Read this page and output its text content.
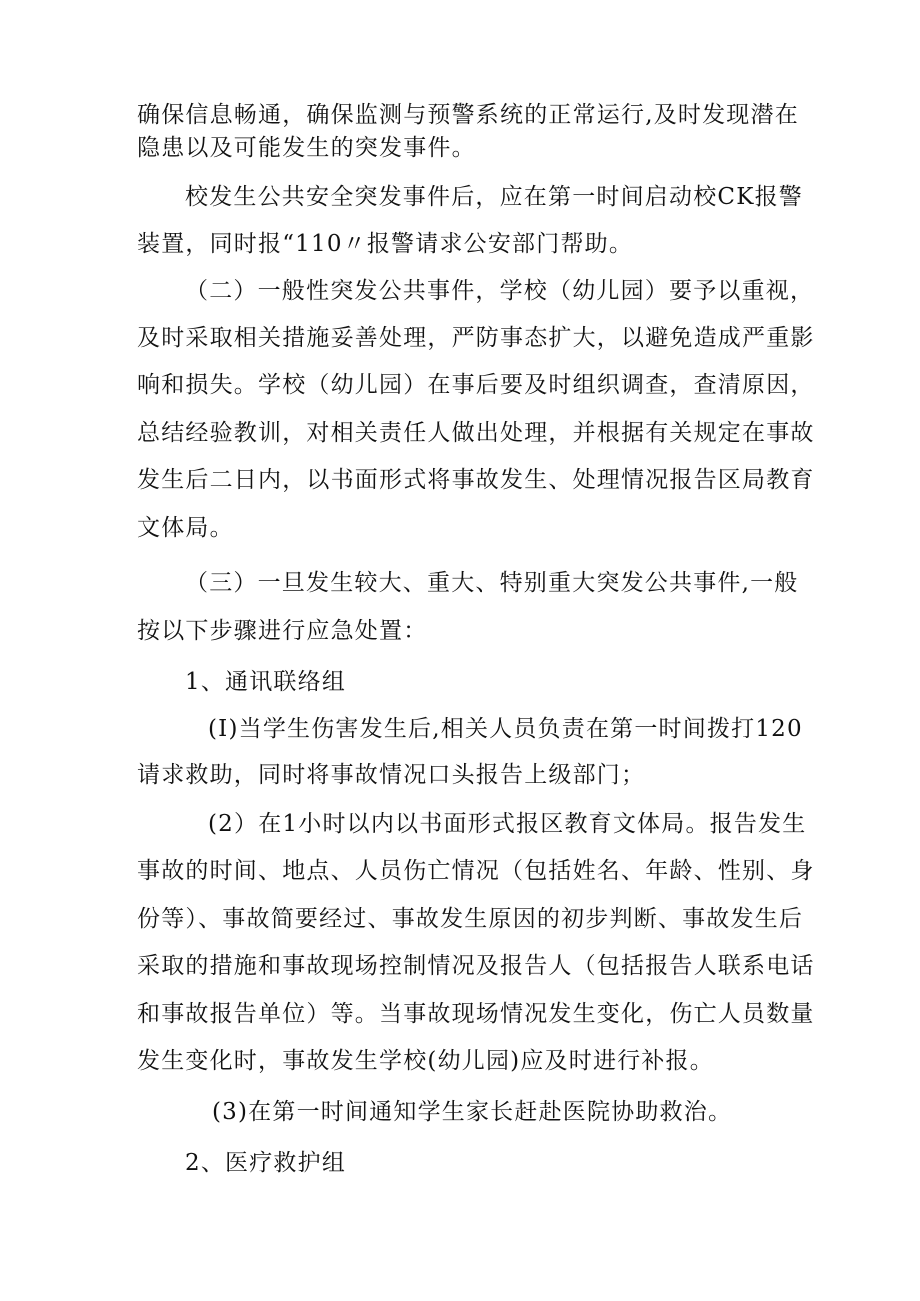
确保信息畅通，确保监测与预警系统的正常运行,及时发现潜在

隐患以及可能发生的突发事件。

校发生公共安全突发事件后，应在第一时间启动校CK报警

装置，同时报“110〃报警请求公安部门帮助。

（二）一般性突发公共事件，学校（幼儿园）要予以重视，

及时采取相关措施妥善处理，严防事态扩大，以避免造成严重影

响和损失。学校（幼儿园）在事后要及时组织调查，查清原因，

总结经验教训，对相关责任人做出处理，并根据有关规定在事故

发生后二日内，以书面形式将事故发生、处理情况报告区局教育

文体局。

（三）一旦发生较大、重大、特别重大突发公共事件,一般

按以下步骤进行应急处置：

1、通讯联络组

(I)当学生伤害发生后,相关人员负责在第一时间拨打120

请求救助，同时将事故情况口头报告上级部门；

(2）在1小时以内以书面形式报区教育文体局。报告发生

事故的时间、地点、人员伤亡情况（包括姓名、年龄、性别、身

份等）、事故简要经过、事故发生原因的初步判断、事故发生后

采取的措施和事故现场控制情况及报告人（包括报告人联系电话

和事故报告单位）等。当事故现场情况发生变化，伤亡人员数量

发生变化时，事故发生学校(幼儿园)应及时进行补报。

(3)在第一时间通知学生家长赶赴医院协助救治。

2、医疗救护组
